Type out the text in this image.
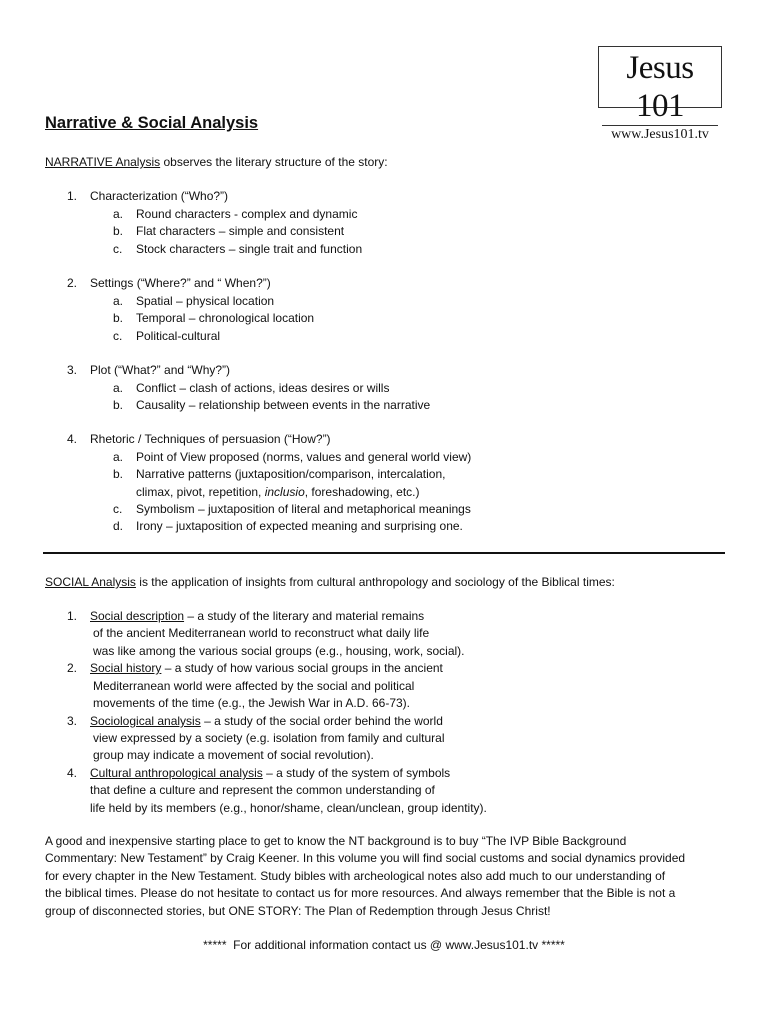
Jesus 101
www.Jesus101.tv
Narrative & Social Analysis
NARRATIVE Analysis observes the literary structure of the story:
1. Characterization (“Who?”)
a. Round characters - complex and dynamic
b. Flat characters – simple and consistent
c. Stock characters – single trait and function
2. Settings (“Where?” and “ When?”)
a. Spatial – physical location
b. Temporal – chronological location
c. Political-cultural
3. Plot (“What?” and “Why?”)
a. Conflict – clash of actions, ideas desires or wills
b. Causality – relationship between events in the narrative
4. Rhetoric / Techniques of persuasion (“How?”)
a. Point of View proposed (norms, values and general world view)
b. Narrative patterns (juxtaposition/comparison, intercalation,
climax, pivot, repetition, inclusio, foreshadowing, etc.)
c. Symbolism – juxtaposition of literal and metaphorical meanings
d. Irony – juxtaposition of expected meaning and surprising one.
SOCIAL Analysis is the application of insights from cultural anthropology and sociology of the Biblical times:
1. Social description – a study of the literary and material remains
of the ancient Mediterranean world to reconstruct what daily life
was like among the various social groups (e.g., housing, work, social).
2. Social history – a study of how various social groups in the ancient
Mediterranean world were affected by the social and political
movements of the time (e.g., the Jewish War in A.D. 66-73).
3. Sociological analysis – a study of the social order behind the world
view expressed by a society (e.g. isolation from family and cultural
group may indicate a movement of social revolution).
4. Cultural anthropological analysis – a study of the system of symbols
that define a culture and represent the common understanding of
life held by its members (e.g., honor/shame, clean/unclean, group identity).
A good and inexpensive starting place to get to know the NT background is to buy “The IVP Bible Background
Commentary: New Testament” by Craig Keener. In this volume you will find social customs and social dynamics provided
for every chapter in the New Testament. Study bibles with archeological notes also add much to our understanding of
the biblical times. Please do not hesitate to contact us for more resources. And always remember that the Bible is not a
group of disconnected stories, but ONE STORY: The Plan of Redemption through Jesus Christ!
*****  For additional information contact us @ www.Jesus101.tv *****
